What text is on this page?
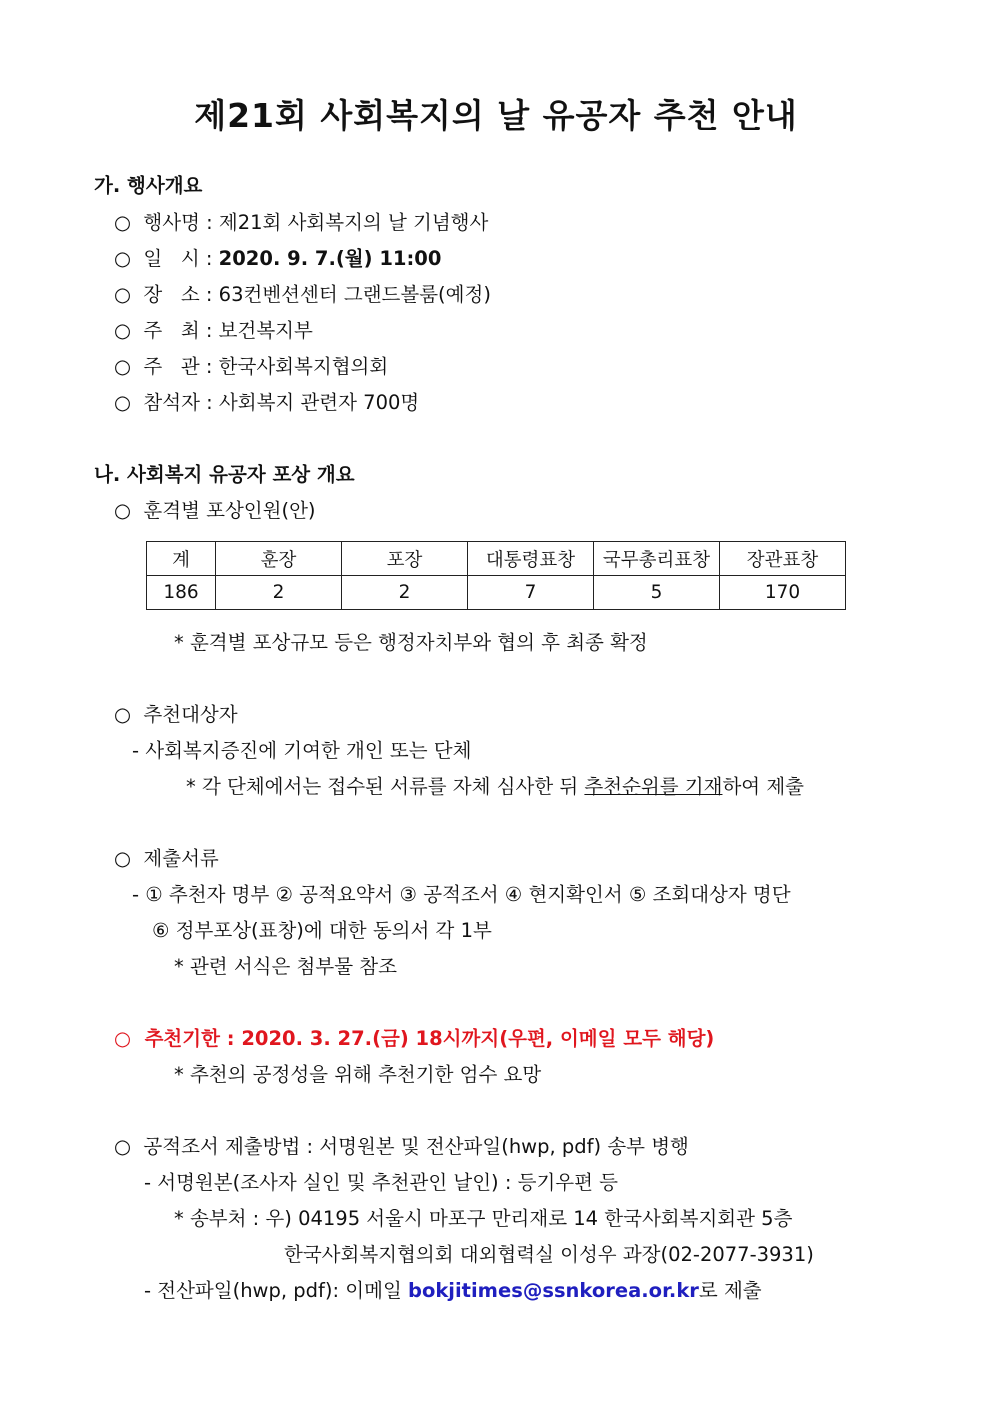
제21회 사회복지의 날 유공자 추천 안내
가. 행사개요
○ 행사명 : 제21회 사회복지의 날 기념행사
○ 일   시 : 2020. 9. 7.(월) 11:00
○ 장   소 : 63컨벤션센터 그랜드볼룸(예정)
○ 주   최 : 보건복지부
○ 주   관 : 한국사회복지협의회
○ 참석자 : 사회복지 관련자 700명
나. 사회복지 유공자 포상 개요
○ 훈격별 포상인원(안)
계	훈장	포장	대통령표창	국무총리표창	장관표창
186	2	2	7	5	170
* 훈격별 포상규모 등은 행정자치부와 협의 후 최종 확정
○ 추천대상자
- 사회복지증진에 기여한 개인 또는 단체
* 각 단체에서는 접수된 서류를 자체 심사한 뒤 추천순위를 기재하여 제출
○ 제출서류
- ① 추천자 명부 ② 공적요약서 ③ 공적조서 ④ 현지확인서 ⑤ 조회대상자 명단
⑥ 정부포상(표창)에 대한 동의서 각 1부
* 관련 서식은 첨부물 참조
○ 추천기한 : 2020. 3. 27.(금) 18시까지(우편, 이메일 모두 해당)
* 추천의 공정성을 위해 추천기한 엄수 요망
○ 공적조서 제출방법 : 서명원본 및 전산파일(hwp, pdf) 송부 병행
- 서명원본(조사자 실인 및 추천관인 날인) : 등기우편 등
* 송부처 : 우) 04195 서울시 마포구 만리재로 14 한국사회복지회관 5층
한국사회복지협의회 대외협력실 이성우 과장(02-2077-3931)
- 전산파일(hwp, pdf): 이메일 bokjitimes@ssnkorea.or.kr로 제출
